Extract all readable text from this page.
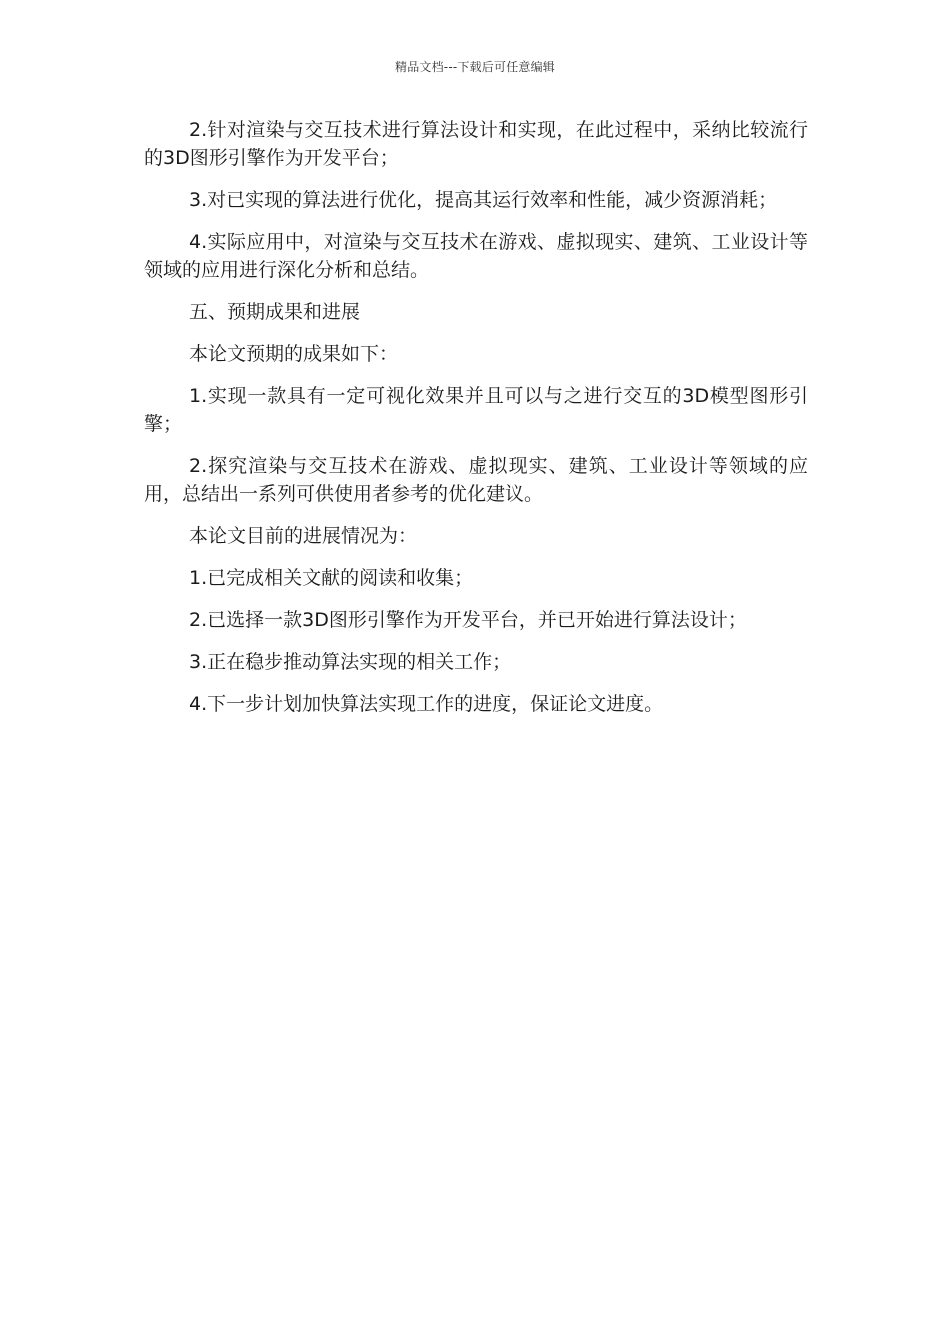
精品文档---下载后可任意编辑

2.针对渲染与交互技术进行算法设计和实现，在此过程中，采纳比较流行的3D图形引擎作为开发平台；

3.对已实现的算法进行优化，提高其运行效率和性能，减少资源消耗；

4.实际应用中，对渲染与交互技术在游戏、虚拟现实、建筑、工业设计等领域的应用进行深化分析和总结。

五、预期成果和进展

本论文预期的成果如下：

1.实现一款具有一定可视化效果并且可以与之进行交互的3D模型图形引擎；

2.探究渲染与交互技术在游戏、虚拟现实、建筑、工业设计等领域的应用，总结出一系列可供使用者参考的优化建议。

本论文目前的进展情况为：

1.已完成相关文献的阅读和收集；

2.已选择一款3D图形引擎作为开发平台，并已开始进行算法设计；

3.正在稳步推动算法实现的相关工作；

4.下一步计划加快算法实现工作的进度，保证论文进度。
